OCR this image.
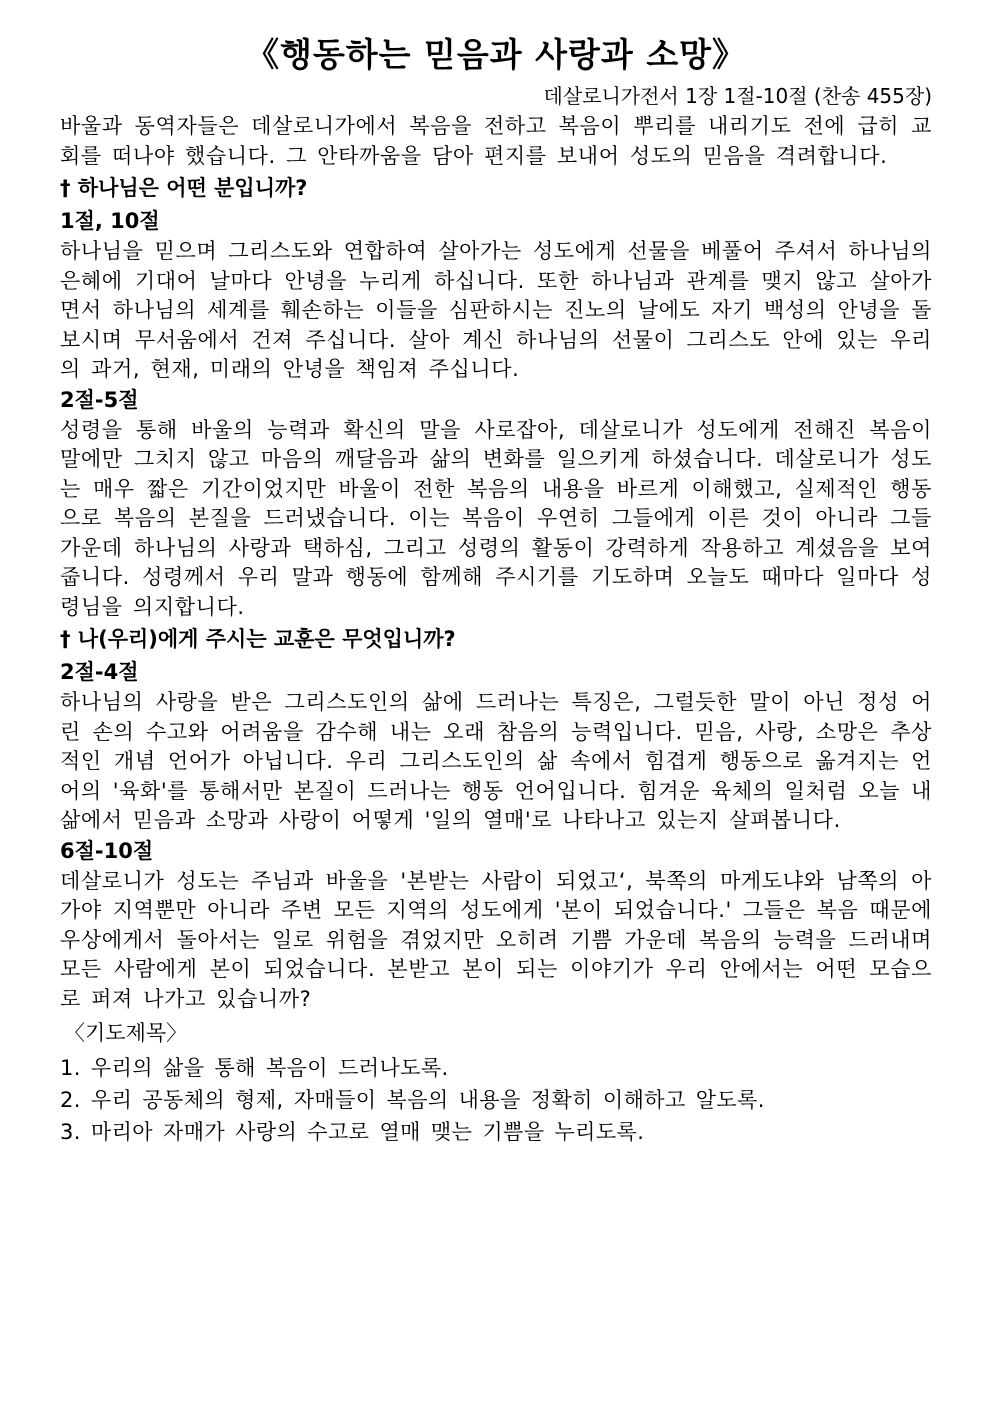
《행동하는 믿음과 사랑과 소망》
데살로니가전서 1장 1절-10절 (찬송 455장)

바울과 동역자들은 데살로니가에서 복음을 전하고 복음이 뿌리를 내리기도 전에 급히 교회를 떠나야 했습니다. 그 안타까움을 담아 편지를 보내어 성도의 믿음을 격려합니다.

† 하나님은 어떤 분입니까?
1절, 10절

하나님을 믿으며 그리스도와 연합하여 살아가는 성도에게 선물을 베풀어 주셔서 하나님의 은혜에 기대어 날마다 안녕을 누리게 하십니다. 또한 하나님과 관계를 맺지 않고 살아가면서 하나님의 세계를 훼손하는 이들을 심판하시는 진노의 날에도 자기 백성의 안녕을 돌보시며 무서움에서 건져 주십니다. 살아 계신 하나님의 선물이 그리스도 안에 있는 우리의 과거, 현재, 미래의 안녕을 책임져 주십니다.

2절-5절

성령을 통해 바울의 능력과 확신의 말을 사로잡아, 데살로니가 성도에게 전해진 복음이 말에만 그치지 않고 마음의 깨달음과 삶의 변화를 일으키게 하셨습니다. 데살로니가 성도는 매우 짧은 기간이었지만 바울이 전한 복음의 내용을 바르게 이해했고, 실제적인 행동으로 복음의 본질을 드러냈습니다. 이는 복음이 우연히 그들에게 이른 것이 아니라 그들 가운데 하나님의 사랑과 택하심, 그리고 성령의 활동이 강력하게 작용하고 계셨음을 보여 줍니다. 성령께서 우리 말과 행동에 함께해 주시기를 기도하며 오늘도 때마다 일마다 성령님을 의지합니다.

† 나(우리)에게 주시는 교훈은 무엇입니까?
2절-4절

하나님의 사랑을 받은 그리스도인의 삶에 드러나는 특징은, 그럴듯한 말이 아닌 정성 어린 손의 수고와 어려움을 감수해 내는 오래 참음의 능력입니다. 믿음, 사랑, 소망은 추상적인 개념 언어가 아닙니다. 우리 그리스도인의 삶 속에서 힘겹게 행동으로 옮겨지는 언어의 '육화'를 통해서만 본질이 드러나는 행동 언어입니다. 힘겨운 육체의 일처럼 오늘 내 삶에서 믿음과 소망과 사랑이 어떻게 '일의 열매'로 나타나고 있는지 살펴봅니다.

6절-10절

데살로니가 성도는 주님과 바울을 '본받는 사람이 되었고‘, 북쪽의 마게도냐와 남쪽의 아가야 지역뿐만 아니라 주변 모든 지역의 성도에게 '본이 되었습니다.' 그들은 복음 때문에 우상에게서 돌아서는 일로 위험을 겪었지만 오히려 기쁨 가운데 복음의 능력을 드러내며 모든 사람에게 본이 되었습니다. 본받고 본이 되는 이야기가 우리 안에서는 어떤 모습으로 퍼져 나가고 있습니까?

〈기도제목〉
1. 우리의 삶을 통해 복음이 드러나도록.
2. 우리 공동체의 형제, 자매들이 복음의 내용을 정확히 이해하고 알도록.
3. 마리아 자매가 사랑의 수고로 열매 맺는 기쁨을 누리도록.
